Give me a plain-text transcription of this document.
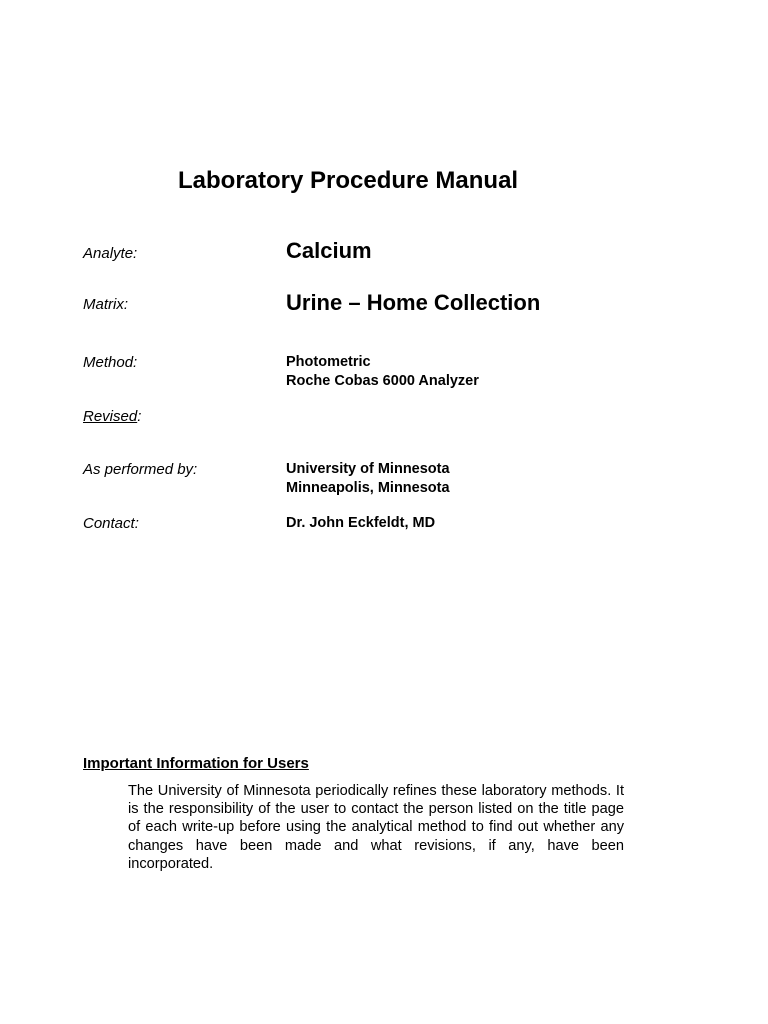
Laboratory Procedure Manual
Analyte:	Calcium
Matrix:	Urine – Home Collection
Method:	Photometric
Roche Cobas 6000 Analyzer
Revised:
As performed by:	University of Minnesota
Minneapolis, Minnesota
Contact:	Dr. John Eckfeldt, MD
Important Information for Users
The University of Minnesota periodically refines these laboratory methods. It is the responsibility of the user to contact the person listed on the title page of each write-up before using the analytical method to find out whether any changes have been made and what revisions, if any, have been incorporated.
